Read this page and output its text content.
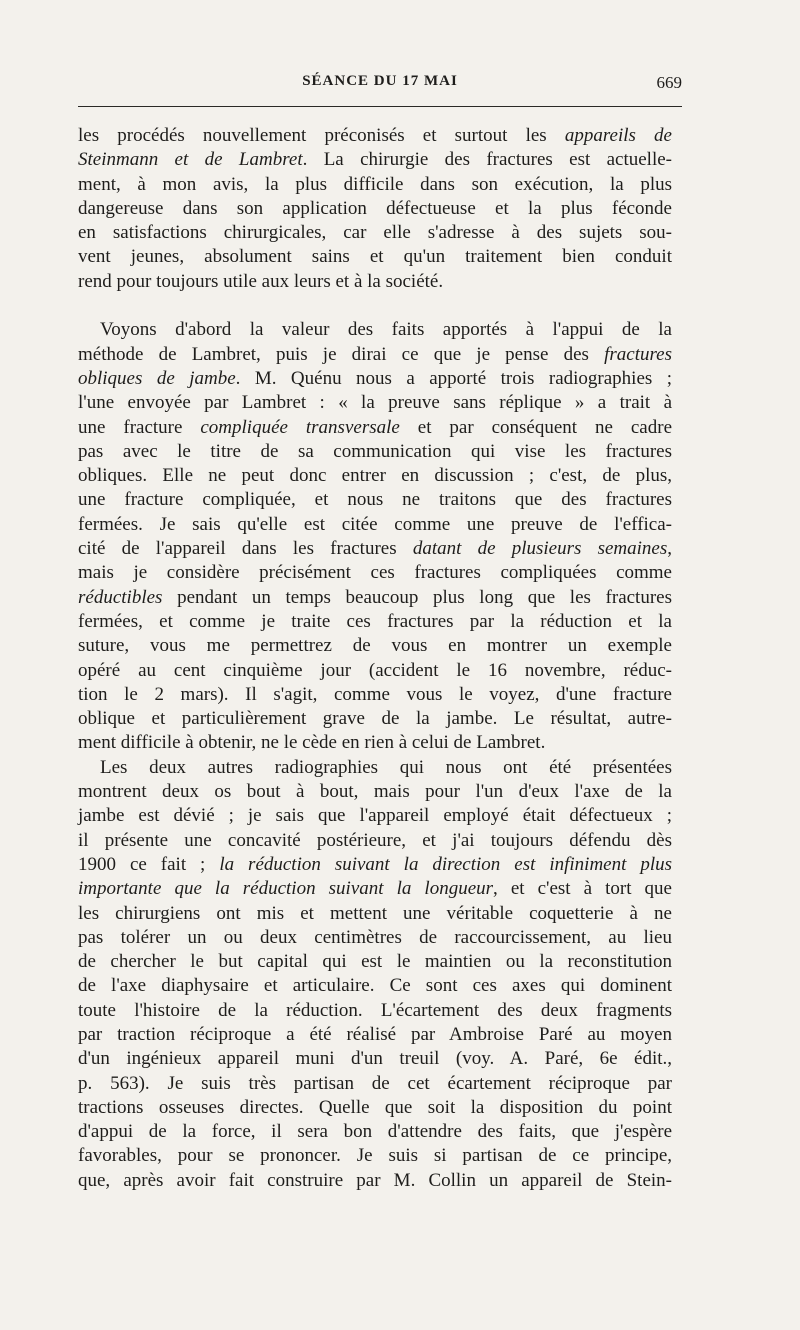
SÉANCE DU 17 MAI	669
les procédés nouvellement préconisés et surtout les appareils de
Steinmann et de Lambret. La chirurgie des fractures est actuelle-
ment, à mon avis, la plus difficile dans son exécution, la plus
dangereuse dans son application défectueuse et la plus féconde
en satisfactions chirurgicales, car elle s'adresse à des sujets sou-
vent jeunes, absolument sains et qu'un traitement bien conduit
rend pour toujours utile aux leurs et à la société.
Voyons d'abord la valeur des faits apportés à l'appui de la
méthode de Lambret, puis je dirai ce que je pense des fractures
obliques de jambe. M. Quénu nous a apporté trois radiographies ;
l'une envoyée par Lambret : « la preuve sans réplique » a trait à
une fracture compliquée transversale et par conséquent ne cadre
pas avec le titre de sa communication qui vise les fractures
obliques. Elle ne peut donc entrer en discussion ; c'est, de plus,
une fracture compliquée, et nous ne traitons que des fractures
fermées. Je sais qu'elle est citée comme une preuve de l'effica-
cité de l'appareil dans les fractures datant de plusieurs semaines,
mais je considère précisément ces fractures compliquées comme
réductibles pendant un temps beaucoup plus long que les fractures
fermées, et comme je traite ces fractures par la réduction et la
suture, vous me permettrez de vous en montrer un exemple
opéré au cent cinquième jour (accident le 16 novembre, réduc-
tion le 2 mars). Il s'agit, comme vous le voyez, d'une fracture
oblique et particulièrement grave de la jambe. Le résultat, autre-
ment difficile à obtenir, ne le cède en rien à celui de Lambret.
Les deux autres radiographies qui nous ont été présentées
montrent deux os bout à bout, mais pour l'un d'eux l'axe de la
jambe est dévié ; je sais que l'appareil employé était défectueux ;
il présente une concavité postérieure, et j'ai toujours défendu dès
1900 ce fait ; la réduction suivant la direction est infiniment plus
importante que la réduction suivant la longueur, et c'est à tort que
les chirurgiens ont mis et mettent une véritable coquetterie à ne
pas tolérer un ou deux centimètres de raccourcissement, au lieu
de chercher le but capital qui est le maintien ou la reconstitution
de l'axe diaphysaire et articulaire. Ce sont ces axes qui dominent
toute l'histoire de la réduction. L'écartement des deux fragments
par traction réciproque a été réalisé par Ambroise Paré au moyen
d'un ingénieux appareil muni d'un treuil (voy. A. Paré, 6e édit.,
p. 563). Je suis très partisan de cet écartement réciproque par
tractions osseuses directes. Quelle que soit la disposition du point
d'appui de la force, il sera bon d'attendre des faits, que j'espère
favorables, pour se prononcer. Je suis si partisan de ce principe,
que, après avoir fait construire par M. Collin un appareil de Stein-
